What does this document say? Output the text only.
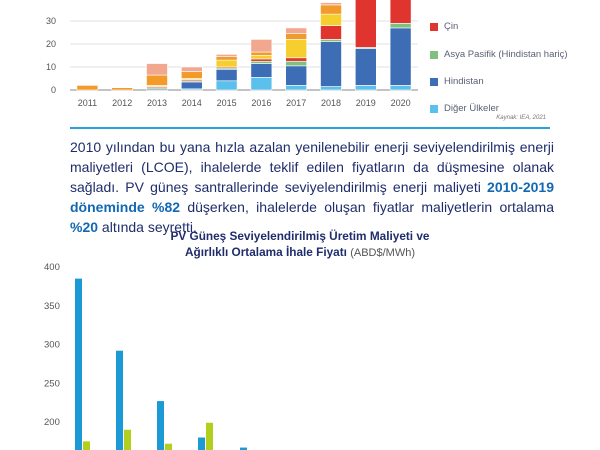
0
10
20
30
2011 2012 2013 2014 2015 2016 2017 2018 2019 2020
Çin
Asya Pasifik (Hindistan hariç)
Hindistan
Diğer Ülkeler
Kaynak: IEA, 2021
2010 yılından bu yana hızla azalan yenilenebilir enerji seviyelendirilmiş enerji maliyetleri (LCOE), ihalelerde teklif edilen fiyatların da düşmesine olanak sağladı. PV güneş santrallerinde seviyelendirilmiş enerji maliyeti 2010-2019 döneminde %82 düşerken, ihalelerde oluşan fiyatlar maliyetlerin ortalama %20 altında seyretti.
PV Güneş Seviyelendirilmiş Üretim Maliyeti ve
Ağırlıklı Ortalama İhale Fiyatı (ABD$/MWh)
200
250
300
350
400
